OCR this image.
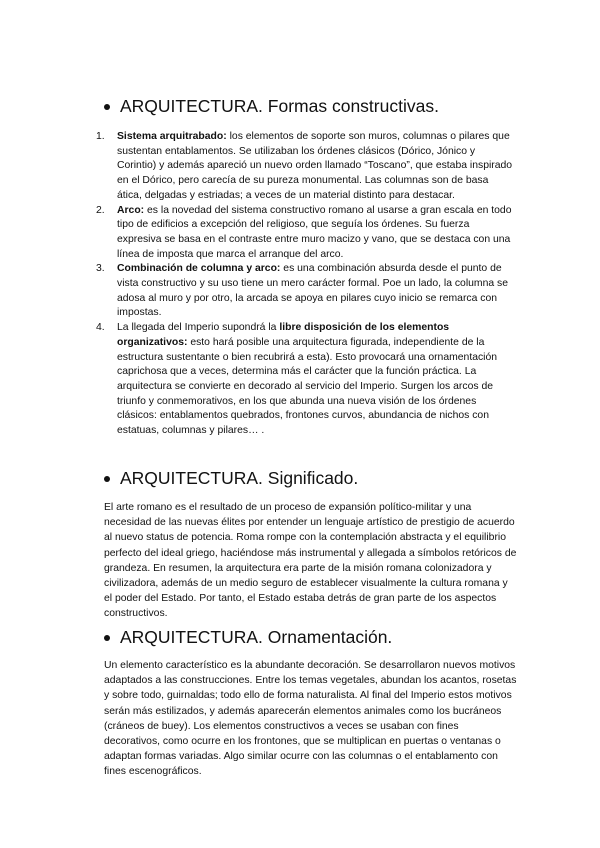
ARQUITECTURA. Formas constructivas.
1. Sistema arquitrabado: los elementos de soporte son muros, columnas o pilares que sustentan entablamentos. Se utilizaban los órdenes clásicos (Dórico, Jónico y Corintio) y además apareció un nuevo orden llamado “Toscano”, que estaba inspirado en el Dórico, pero carecía de su pureza monumental. Las columnas son de basa ática, delgadas y estriadas; a veces de un material distinto para destacar.
2. Arco: es la novedad del sistema constructivo romano al usarse a gran escala en todo tipo de edificios a excepción del religioso, que seguía los órdenes. Su fuerza expresiva se basa en el contraste entre muro macizo y vano, que se destaca con una línea de imposta que marca el arranque del arco.
3. Combinación de columna y arco: es una combinación absurda desde el punto de vista constructivo y su uso tiene un mero carácter formal. Poe un lado, la columna se adosa al muro y por otro, la arcada se apoya en pilares cuyo inicio se remarca con impostas.
4. La llegada del Imperio supondrá la libre disposición de los elementos organizativos: esto hará posible una arquitectura figurada, independiente de la estructura sustentante o bien recubrirá a esta). Esto provocará una ornamentación caprichosa que a veces, determina más el carácter que la función práctica. La arquitectura se convierte en decorado al servicio del Imperio. Surgen los arcos de triunfo y conmemorativos, en los que abunda una nueva visión de los órdenes clásicos: entablamentos quebrados, frontones curvos, abundancia de nichos con estatuas, columnas y pilares… .
ARQUITECTURA. Significado.

El arte romano es el resultado de un proceso de expansión político-militar y una necesidad de las nuevas élites por entender un lenguaje artístico de prestigio de acuerdo al nuevo status de potencia. Roma rompe con la contemplación abstracta y el equilibrio perfecto del ideal griego, haciéndose más instrumental y allegada a símbolos retóricos de grandeza. En resumen, la arquitectura era parte de la misión romana colonizadora y civilizadora, además de un medio seguro de establecer visualmente la cultura romana y el poder del Estado. Por tanto, el Estado estaba detrás de gran parte de los aspectos constructivos.

ARQUITECTURA. Ornamentación.

Un elemento característico es la abundante decoración. Se desarrollaron nuevos motivos adaptados a las construcciones. Entre los temas vegetales, abundan los acantos, rosetas y sobre todo, guirnaldas; todo ello de forma naturalista. Al final del Imperio estos motivos serán más estilizados, y además aparecerán elementos animales como los bucráneos (cráneos de buey). Los elementos constructivos a veces se usaban con fines decorativos, como ocurre en los frontones, que se multiplican en puertas o ventanas o adaptan formas variadas. Algo similar ocurre con las columnas o el entablamento con fines escenográficos.
